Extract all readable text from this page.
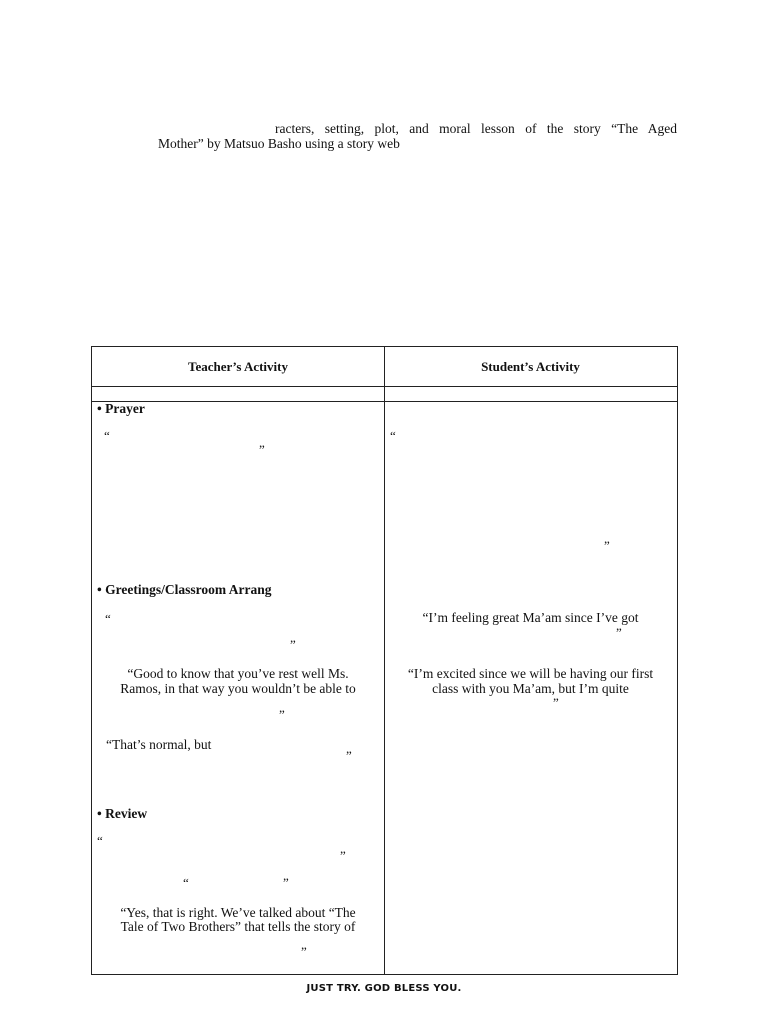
racters, setting, plot, and moral lesson of the story “The Aged
Mother” by Matsuo Basho using a story web
Teacher’s Activity	Student’s Activity
• Prayer
“
”
• Greetings/Classroom Arrang
“
”
“Good to know that you’ve rest well Ms.
Ramos, in that way you wouldn’t be able to
”
“That’s normal, but
”
• Review
“
”
“	”
“Yes, that is right. We’ve talked about “The
Tale of Two Brothers” that tells the story of
”
“
”
“I’m feeling great Ma’am since I’ve got
”
“I’m excited since we will be having our first
class with you Ma’am, but I’m quite
”
JUST TRY. GOD BLESS YOU.
